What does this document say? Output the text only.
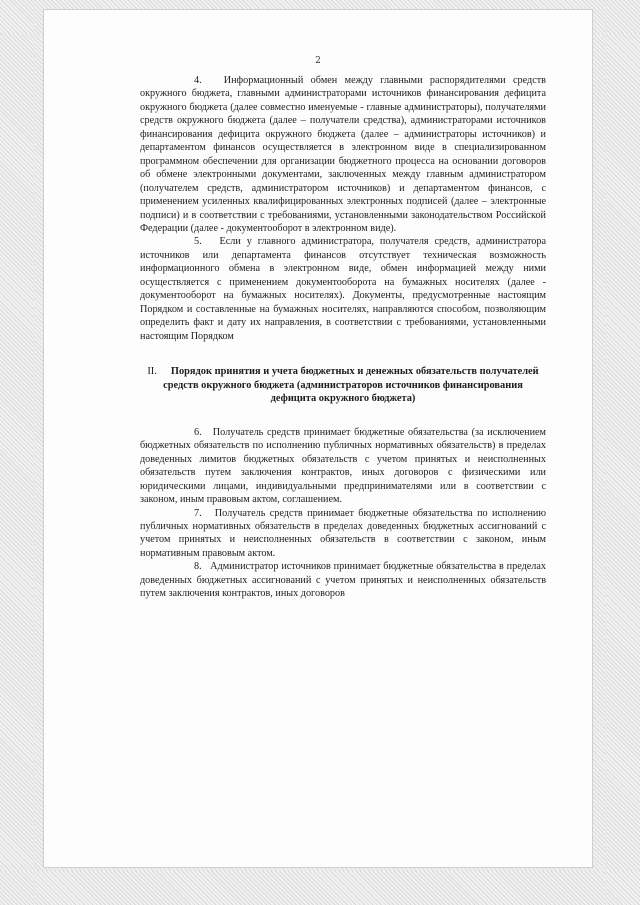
2

4.   Информационный обмен между главными распорядителями средств окружного бюджета, главными администраторами источников финансирования дефицита окружного бюджета (далее совместно именуемые - главные администраторы), получателями средств окружного бюджета (далее – получатели средства), администраторами источников финансирования дефицита окружного бюджета (далее – администраторы источников) и департаментом финансов осуществляется в электронном виде в специализированном программном обеспечении для организации бюджетного процесса на основании договоров об обмене электронными документами, заключенных между главным администратором (получателем средств, администратором источников) и департаментом финансов, с применением усиленных квалифицированных электронных подписей (далее – электронные подписи) и в соответствии с требованиями, установленными законодательством Российской Федерации (далее - документооборот в электронном виде).

5.   Если у главного администратора, получателя средств, администратора источников или департамента финансов отсутствует техническая возможность информационного обмена в электронном виде, обмен информацией между ними осуществляется с применением документооборота на бумажных носителях (далее - документооборот на бумажных носителях). Документы, предусмотренные настоящим Порядком и составленные на бумажных носителях, направляются способом, позволяющим определить факт и дату их направления, в соответствии с требованиями, установленными настоящим Порядком

II. Порядок принятия и учета бюджетных и денежных обязательств получателей средств окружного бюджета (администраторов источников финансирования дефицита окружного бюджета)

6.   Получатель средств принимает бюджетные обязательства (за исключением бюджетных обязательств по исполнению публичных нормативных обязательств) в пределах доведенных лимитов бюджетных обязательств с учетом принятых и неисполненных обязательств путем заключения контрактов, иных договоров с физическими или юридическими лицами, индивидуальными предпринимателями или в соответствии с законом, иным правовым актом, соглашением.

7.   Получатель средств принимает бюджетные обязательства по исполнению публичных нормативных обязательств в пределах доведенных бюджетных ассигнований с учетом принятых и неисполненных обязательств в соответствии с законом, иным нормативным правовым актом.

8.   Администратор источников принимает бюджетные обязательства в пределах доведенных бюджетных ассигнований с учетом принятых и неисполненных обязательств путем заключения контрактов, иных договоров
